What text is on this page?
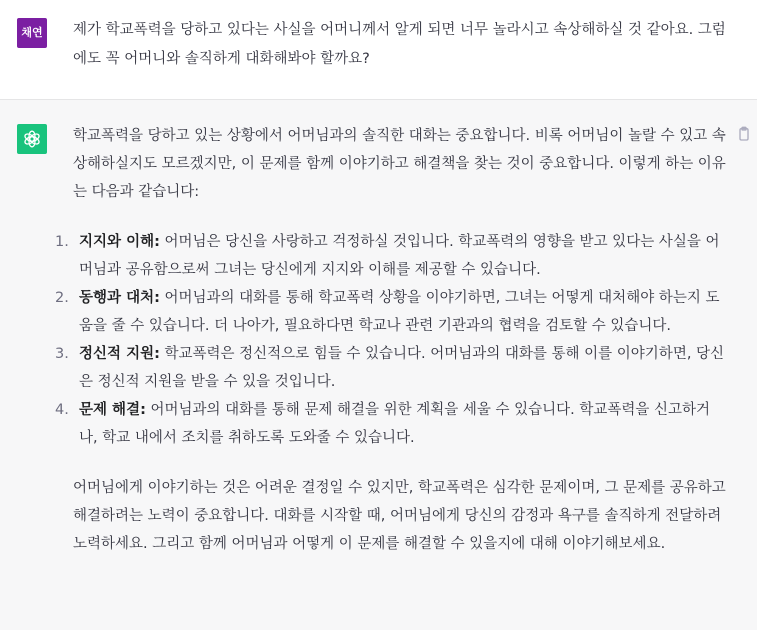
채연	제가 학교폭력을 당하고 있다는 사실을 어머니께서 알게 되면 너무 놀라시고 속상해하실 것 같아요. 그럼에도 꼭 어머니와 솔직하게 대화해봐야 할까요?

학교폭력을 당하고 있는 상황에서 어머님과의 솔직한 대화는 중요합니다. 비록 어머님이 놀랄 수 있고 속상해하실지도 모르겠지만, 이 문제를 함께 이야기하고 해결책을 찾는 것이 중요합니다. 이렇게 하는 이유는 다음과 같습니다:

1. 지지와 이해: 어머님은 당신을 사랑하고 걱정하실 것입니다. 학교폭력의 영향을 받고 있다는 사실을 어머님과 공유함으로써 그녀는 당신에게 지지와 이해를 제공할 수 있습니다.
2. 동행과 대처: 어머님과의 대화를 통해 학교폭력 상황을 이야기하면, 그녀는 어떻게 대처해야 하는지 도움을 줄 수 있습니다. 더 나아가, 필요하다면 학교나 관련 기관과의 협력을 검토할 수 있습니다.
3. 정신적 지원: 학교폭력은 정신적으로 힘들 수 있습니다. 어머님과의 대화를 통해 이를 이야기하면, 당신은 정신적 지원을 받을 수 있을 것입니다.
4. 문제 해결: 어머님과의 대화를 통해 문제 해결을 위한 계획을 세울 수 있습니다. 학교폭력을 신고하거나, 학교 내에서 조치를 취하도록 도와줄 수 있습니다.

어머님에게 이야기하는 것은 어려운 결정일 수 있지만, 학교폭력은 심각한 문제이며, 그 문제를 공유하고 해결하려는 노력이 중요합니다. 대화를 시작할 때, 어머님에게 당신의 감정과 욕구를 솔직하게 전달하려 노력하세요. 그리고 함께 어머님과 어떻게 이 문제를 해결할 수 있을지에 대해 이야기해보세요.
